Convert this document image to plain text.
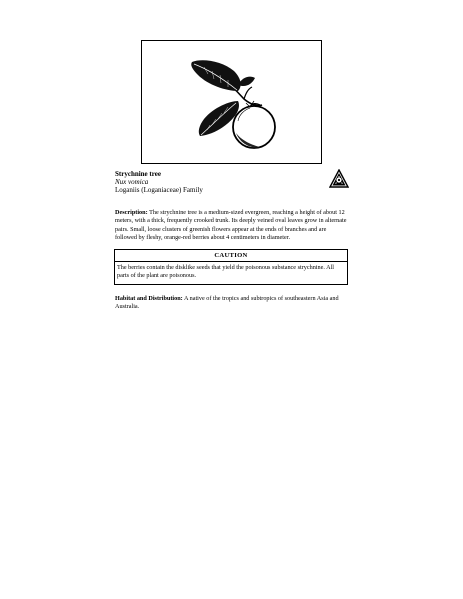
Strychnine tree
Nux vomica
Loganiis (Loganiaceae) Family

Description: The strychnine tree is a medium-sized evergreen, reaching a height of about 12 meters, with a thick, frequently crooked trunk. Its deeply veined oval leaves grow in alternate pairs. Small, loose clusters of greenish flowers appear at the ends of branches and are followed by fleshy, orange-red berries about 4 centimeters in diameter.

CAUTION
The berries contain the disklike seeds that yield the poisonous substance strychnine. All parts of the plant are poisonous.

Habitat and Distribution: A native of the tropics and subtropics of southeastern Asia and Australia.
